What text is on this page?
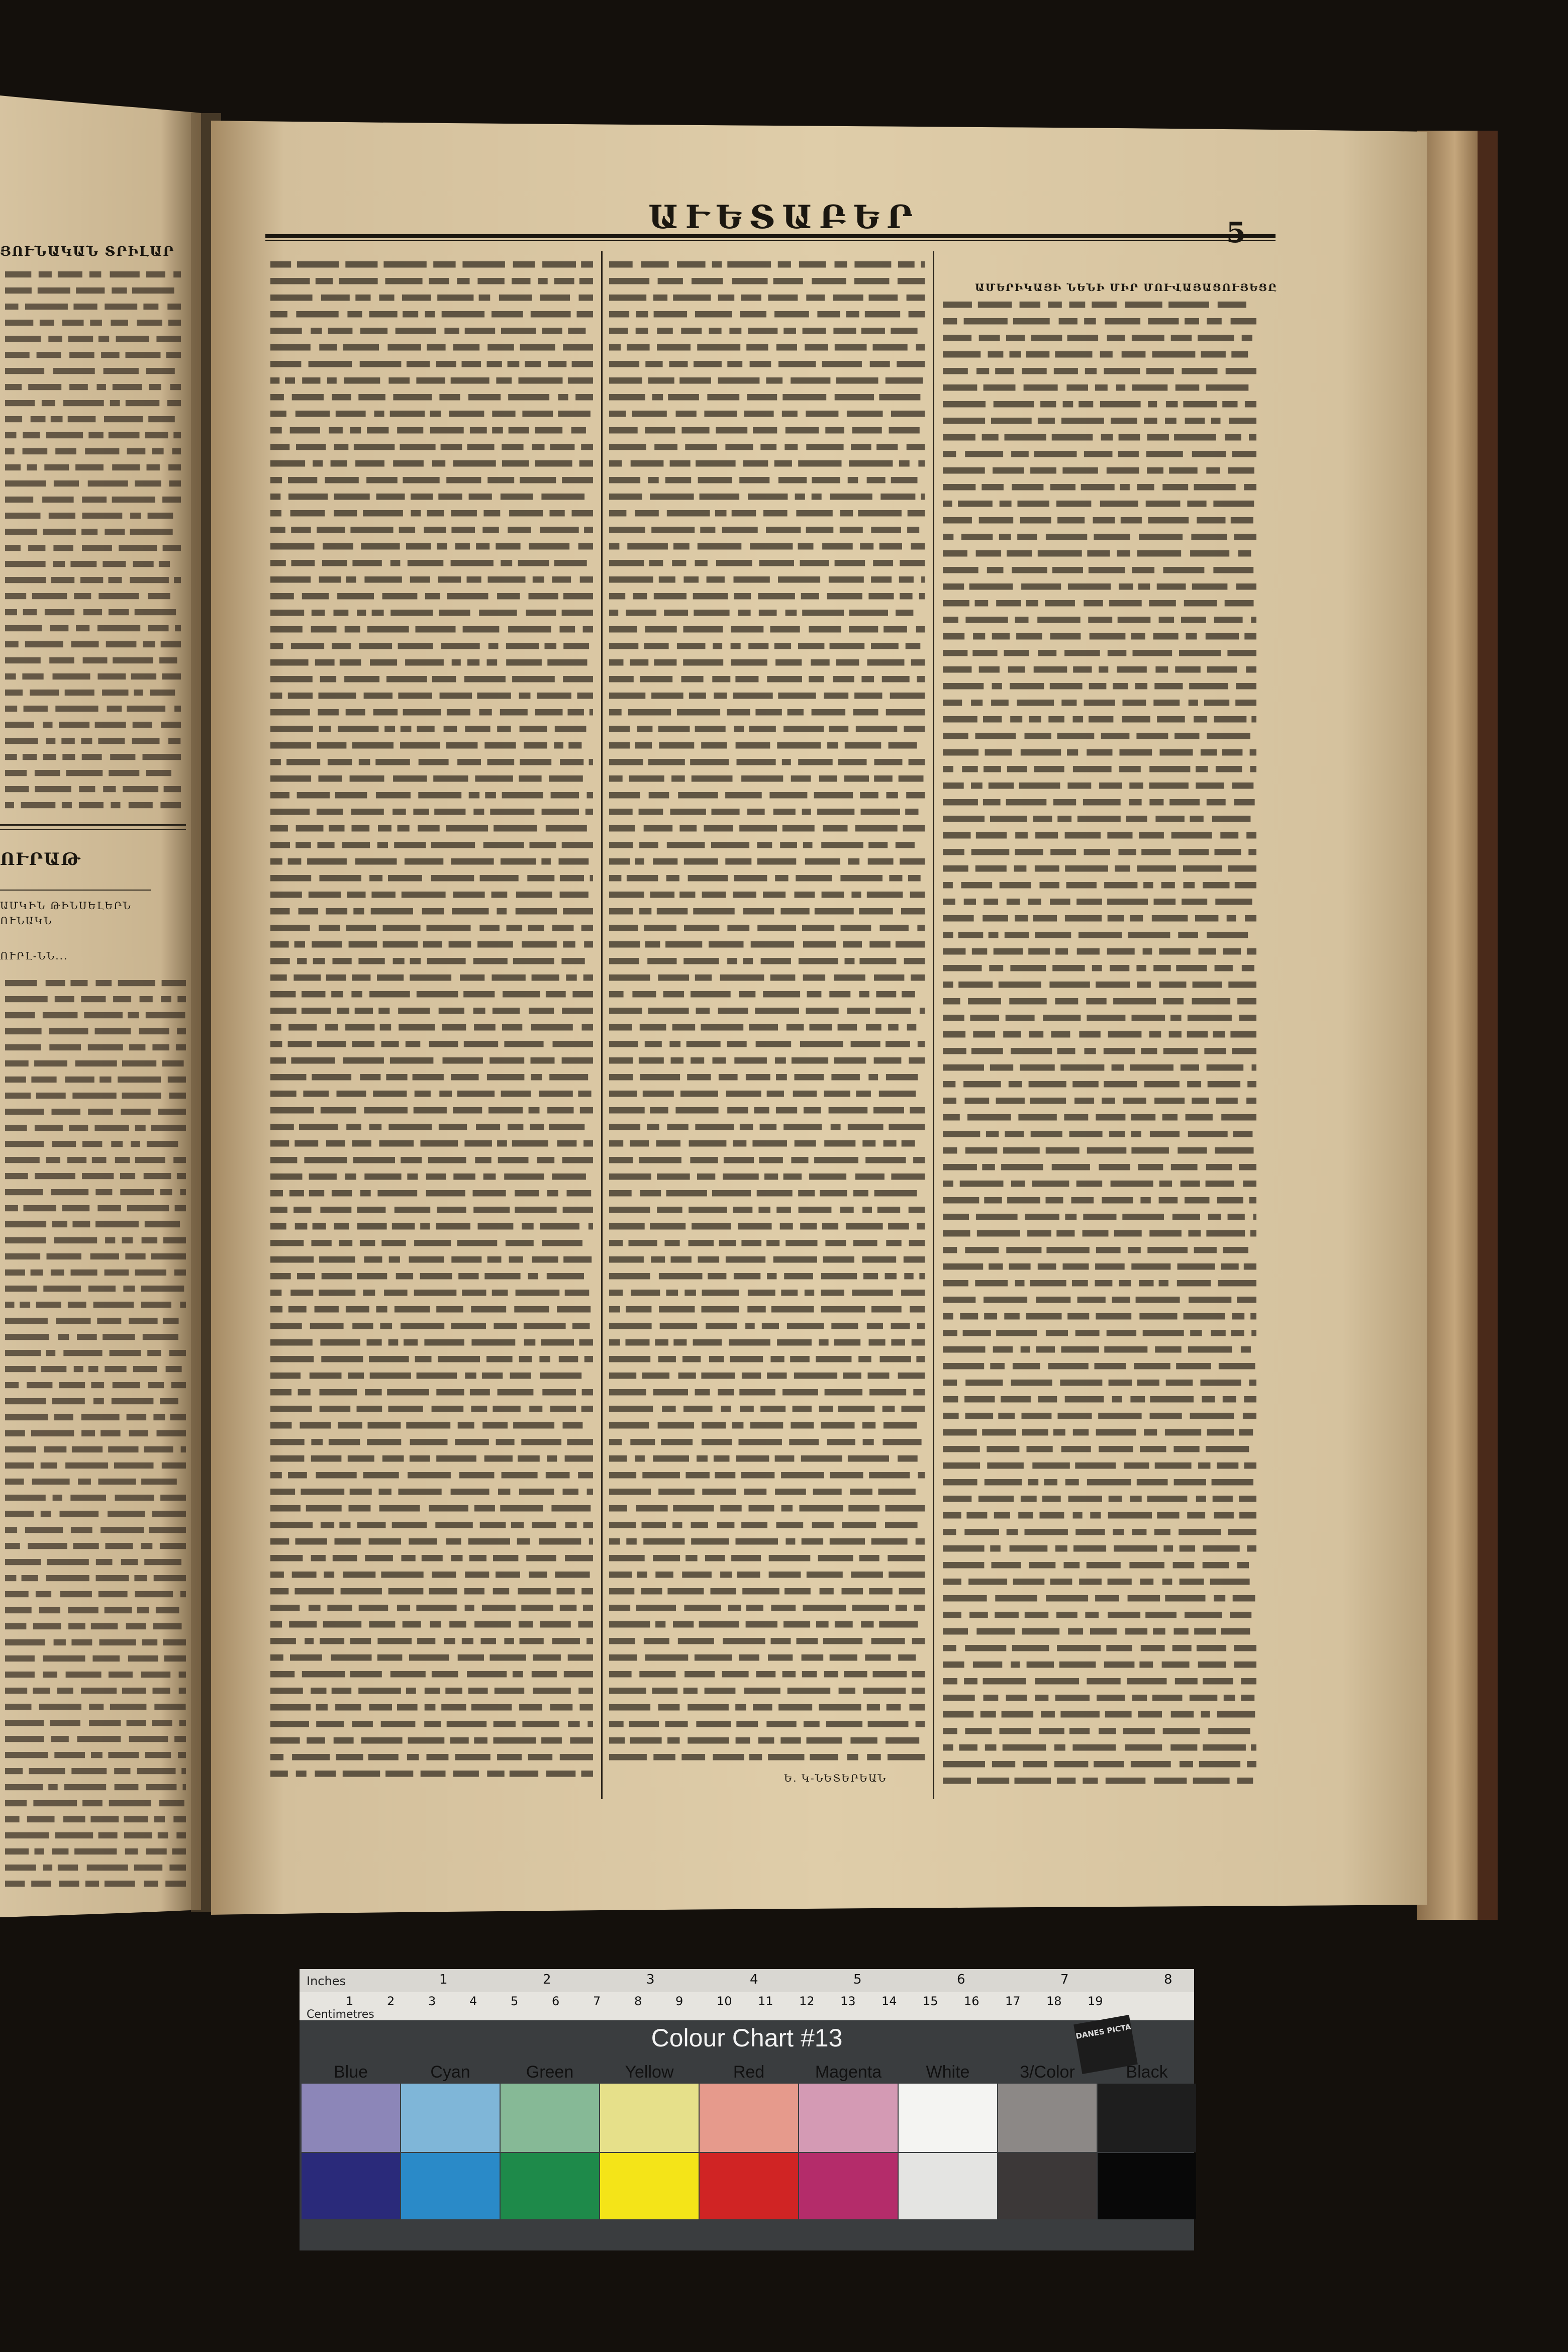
ԱՒԵՏԱԲԵՐ	5
ՅՈՒՆԱԿԱՆ ՏՐԻԼԱՐ
ՈՒՐԱԹ
ԱՄԿԻՆ ԹԻՆՍԵԼԵՐՆ
ՈՒՆԱԿՆ
ՈՒՐԼ-ՆՆ...
ԱՄԵՐԻԿԱՅԻ ՆԵՆԻ ՄԻՐ ՄՈՒՎԱՅԱՑՈՒՅԵՑԸ
Ե. Կ-ՆԵՏԵՐԵԱՆ
Inches	1	2	3	4	5	6	7	8
Centimetres
1	2	3	4	5	6	7	8	9	10 11 12 13 14 15 16 17 18 19
Colour Chart #13	DANES PICTA
Blue	Cyan	Green	Yellow	Red	Magenta	White	3/Color	Black
